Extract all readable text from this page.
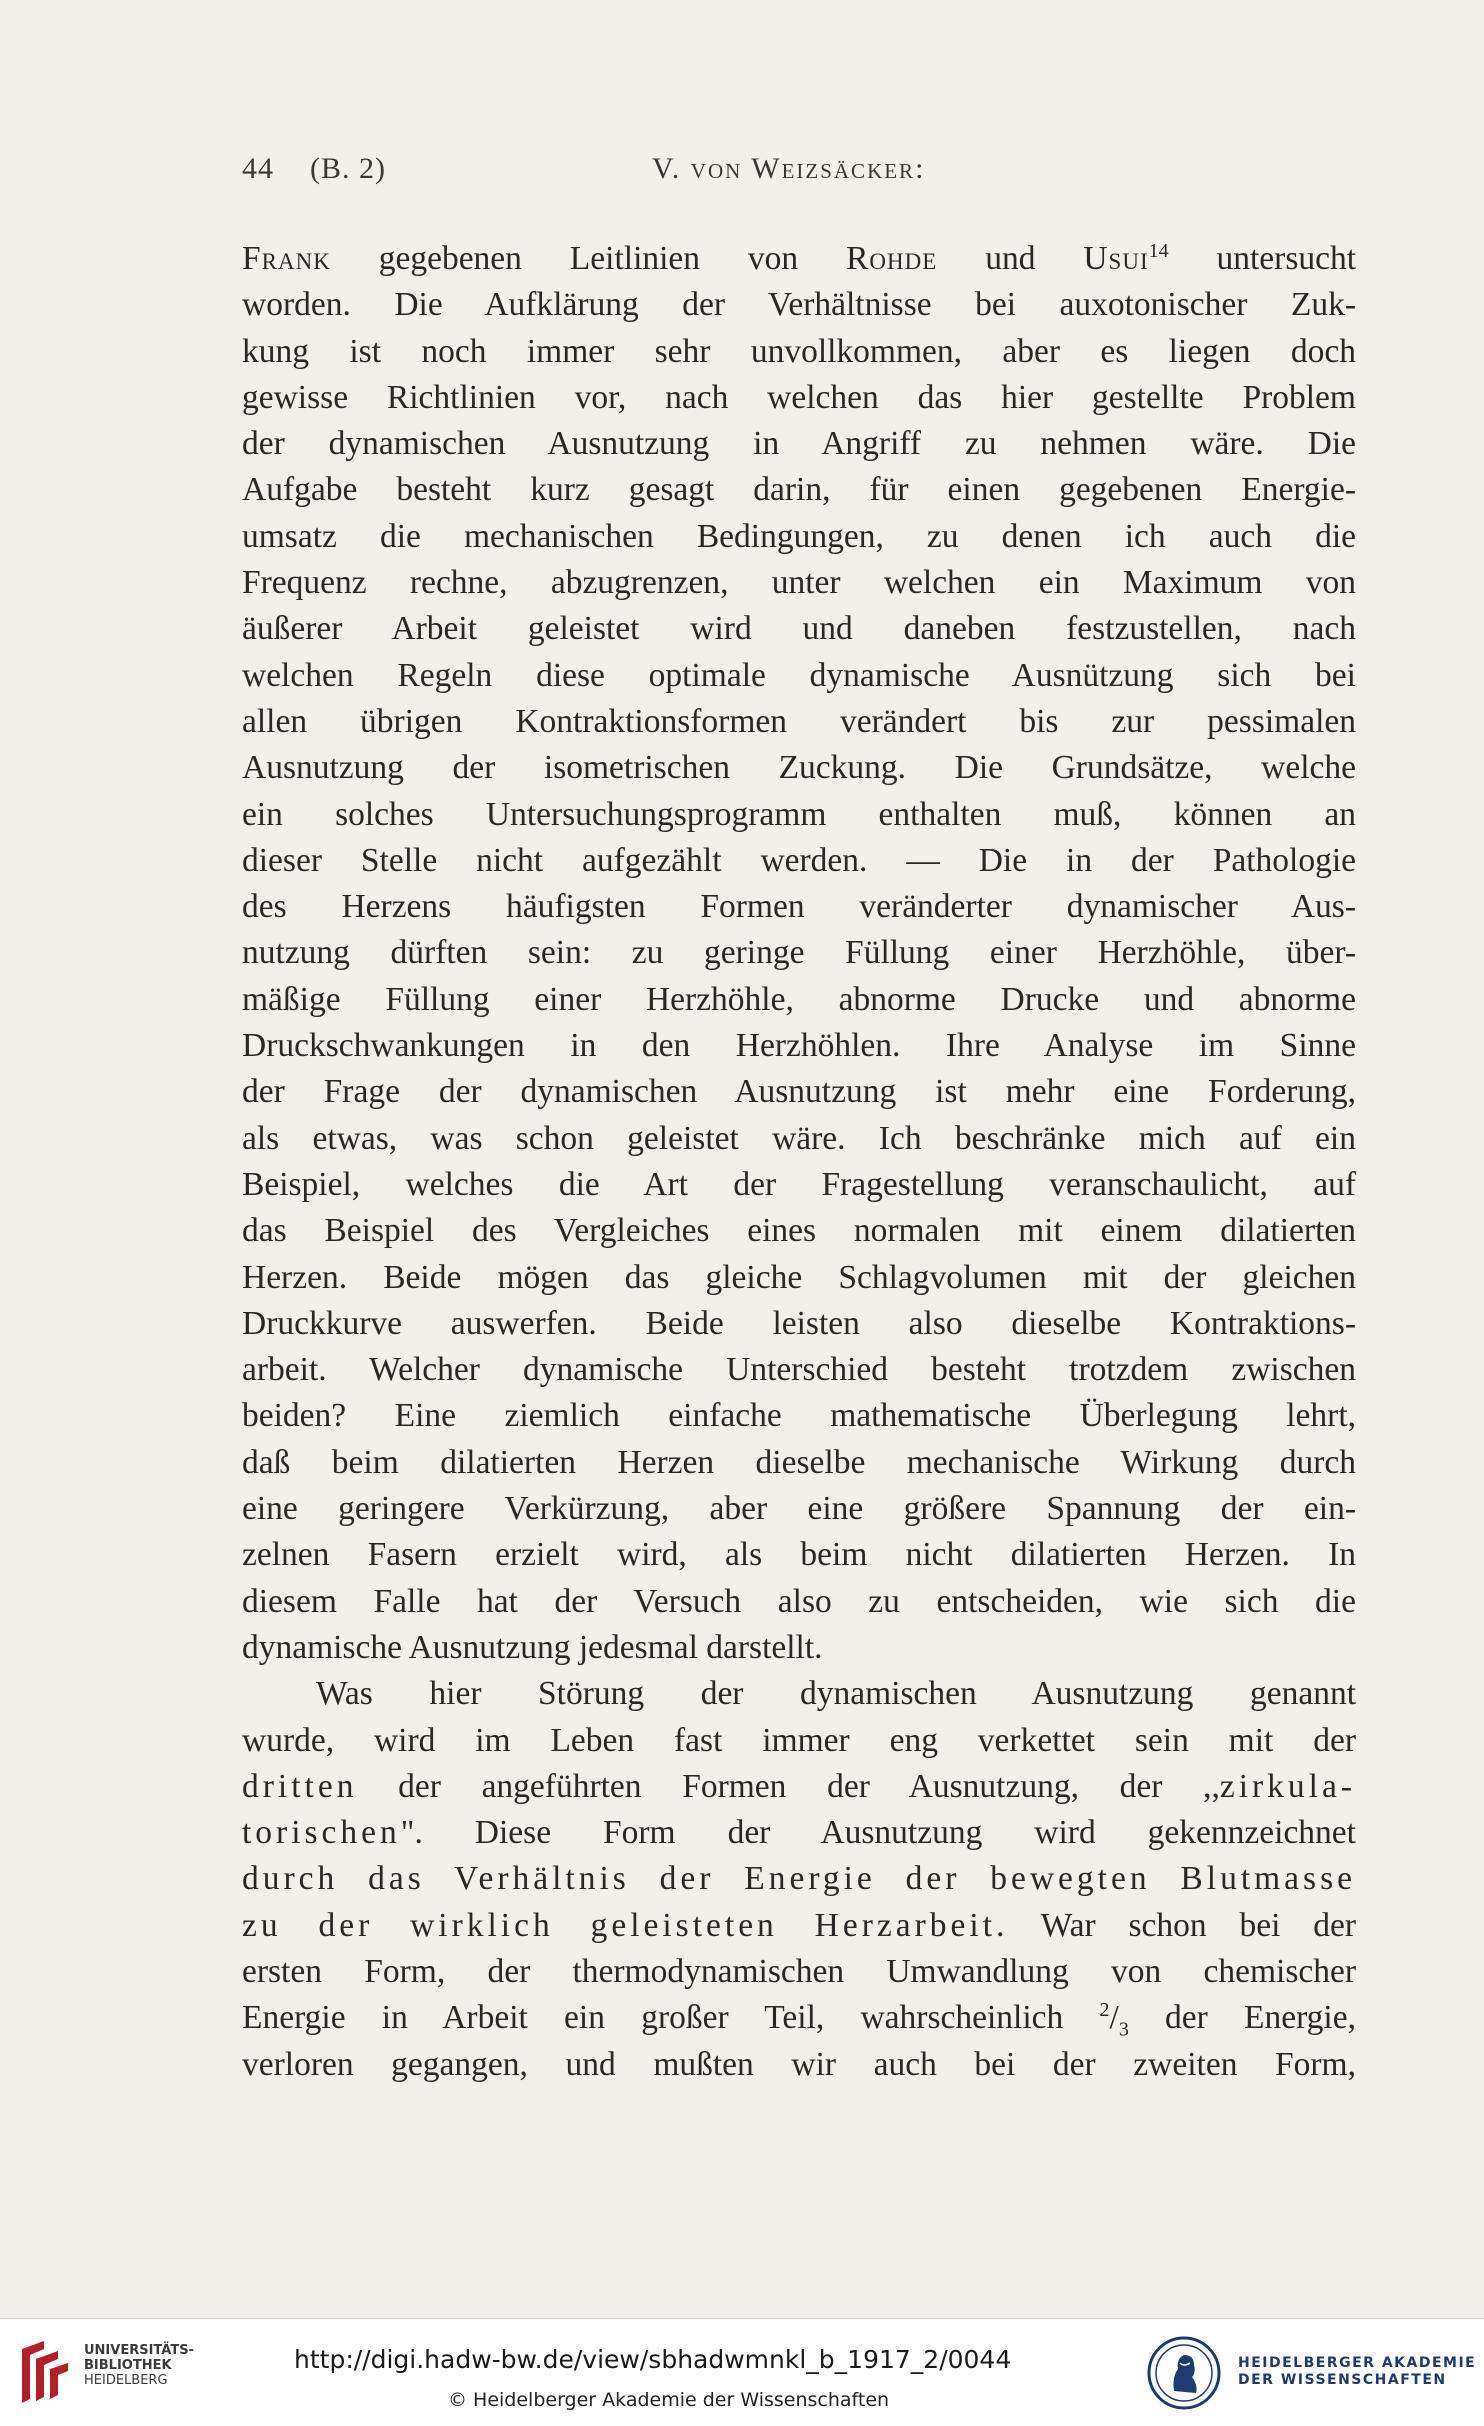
44 (B. 2)	V. von Weizsäcker:
Frank gegebenen Leitlinien von Rohde und Usui$^{14}$ untersucht
worden. Die Aufklärung der Verhältnisse bei auxotonischer Zuk-
kung ist noch immer sehr unvollkommen, aber es liegen doch
gewisse Richtlinien vor, nach welchen das hier gestellte Problem
der dynamischen Ausnutzung in Angriff zu nehmen wäre. Die
Aufgabe besteht kurz gesagt darin, für einen gegebenen Energie-
umsatz die mechanischen Bedingungen, zu denen ich auch die
Frequenz rechne, abzugrenzen, unter welchen ein Maximum von
äußerer Arbeit geleistet wird und daneben festzustellen, nach
welchen Regeln diese optimale dynamische Ausnützung sich bei
allen übrigen Kontraktionsformen verändert bis zur pessimalen
Ausnutzung der isometrischen Zuckung. Die Grundsätze, welche
ein solches Untersuchungsprogramm enthalten muß, können an
dieser Stelle nicht aufgezählt werden. — Die in der Pathologie
des Herzens häufigsten Formen veränderter dynamischer Aus-
nutzung dürften sein: zu geringe Füllung einer Herzhöhle, über-
mäßige Füllung einer Herzhöhle, abnorme Drucke und abnorme
Druckschwankungen in den Herzhöhlen. Ihre Analyse im Sinne
der Frage der dynamischen Ausnutzung ist mehr eine Forderung,
als etwas, was schon geleistet wäre. Ich beschränke mich auf ein
Beispiel, welches die Art der Fragestellung veranschaulicht, auf
das Beispiel des Vergleiches eines normalen mit einem dilatierten
Herzen. Beide mögen das gleiche Schlagvolumen mit der gleichen
Druckkurve auswerfen. Beide leisten also dieselbe Kontraktions-
arbeit. Welcher dynamische Unterschied besteht trotzdem zwischen
beiden? Eine ziemlich einfache mathematische Überlegung lehrt,
daß beim dilatierten Herzen dieselbe mechanische Wirkung durch
eine geringere Verkürzung, aber eine größere Spannung der ein-
zelnen Fasern erzielt wird, als beim nicht dilatierten Herzen. In
diesem Falle hat der Versuch also zu entscheiden, wie sich die
dynamische Ausnutzung jedesmal darstellt.
Was hier Störung der dynamischen Ausnutzung genannt
wurde, wird im Leben fast immer eng verkettet sein mit der
dritten der angeführten Formen der Ausnutzung, der ,,zirkula-
torischen". Diese Form der Ausnutzung wird gekennzeichnet
durch das Verhältnis der Energie der bewegten Blutmasse
zu der wirklich geleisteten Herzarbeit. War schon bei der
ersten Form, der thermodynamischen Umwandlung von chemischer
Energie in Arbeit ein großer Teil, wahrscheinlich $^2/_3$ der Energie,
verloren gegangen, und mußten wir auch bei der zweiten Form,
UNIVERSITÄTS-
BIBLIOTHEK
HEIDELBERG
http://digi.hadw-bw.de/view/sbhadwmnkl_b_1917_2/0044
© Heidelberger Akademie der Wissenschaften
HEIDELBERGER AKADEMIE
DER WISSENSCHAFTEN
